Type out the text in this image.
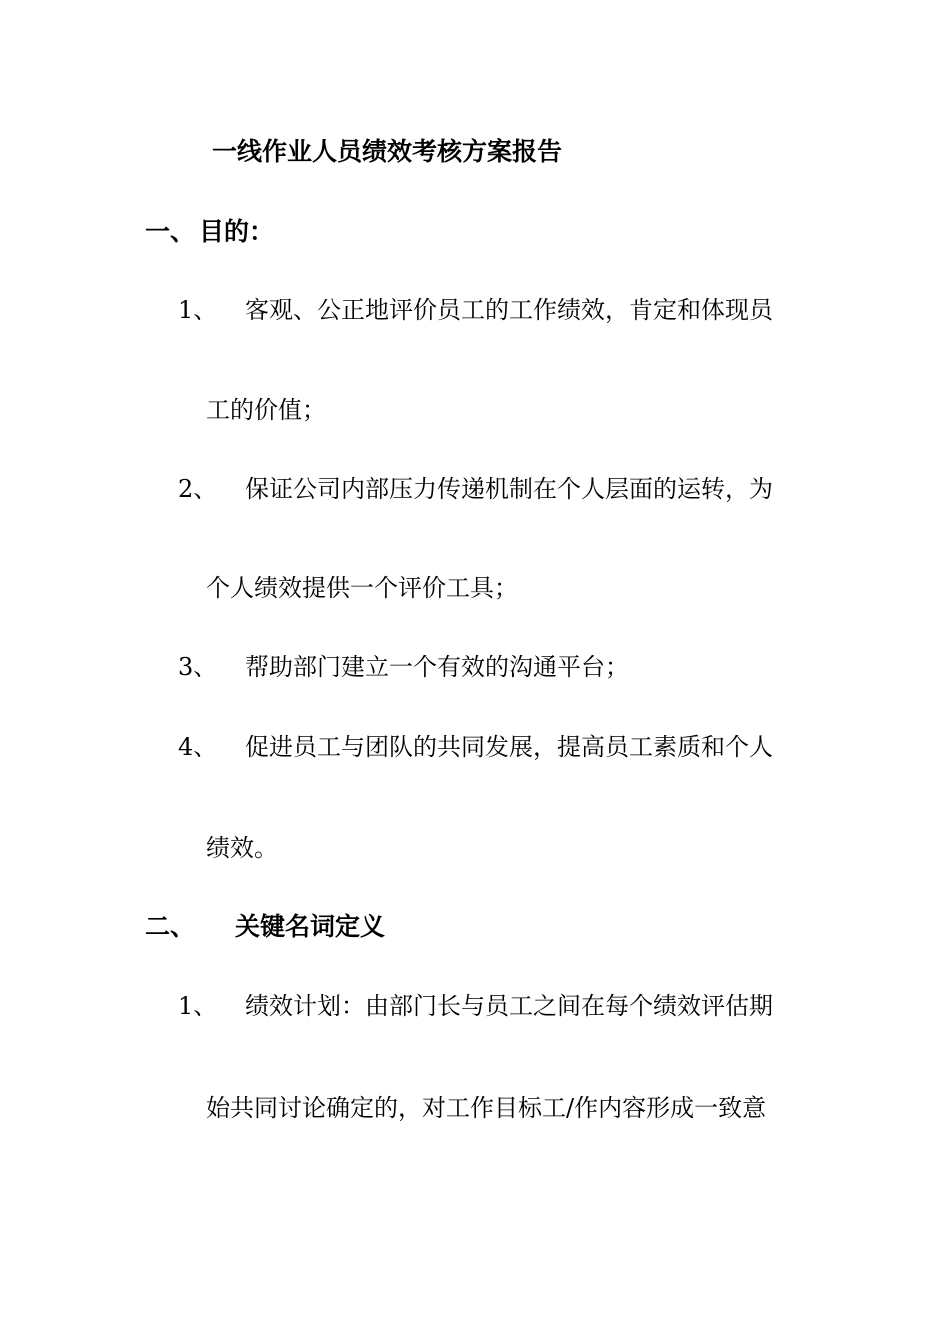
一线作业人员绩效考核方案报告
一、 目的：
1、 客观、公正地评价员工的工作绩效，肯定和体现员
工的价值；
2、 保证公司内部压力传递机制在个人层面的运转，为
个人绩效提供一个评价工具；
3、 帮助部门建立一个有效的沟通平台；
4、 促进员工与团队的共同发展，提高员工素质和个人
绩效。
二、 关键名词定义
1、 绩效计划：由部门长与员工之间在每个绩效评估期
始共同讨论确定的，对工作目标工/作内容形成一致意
